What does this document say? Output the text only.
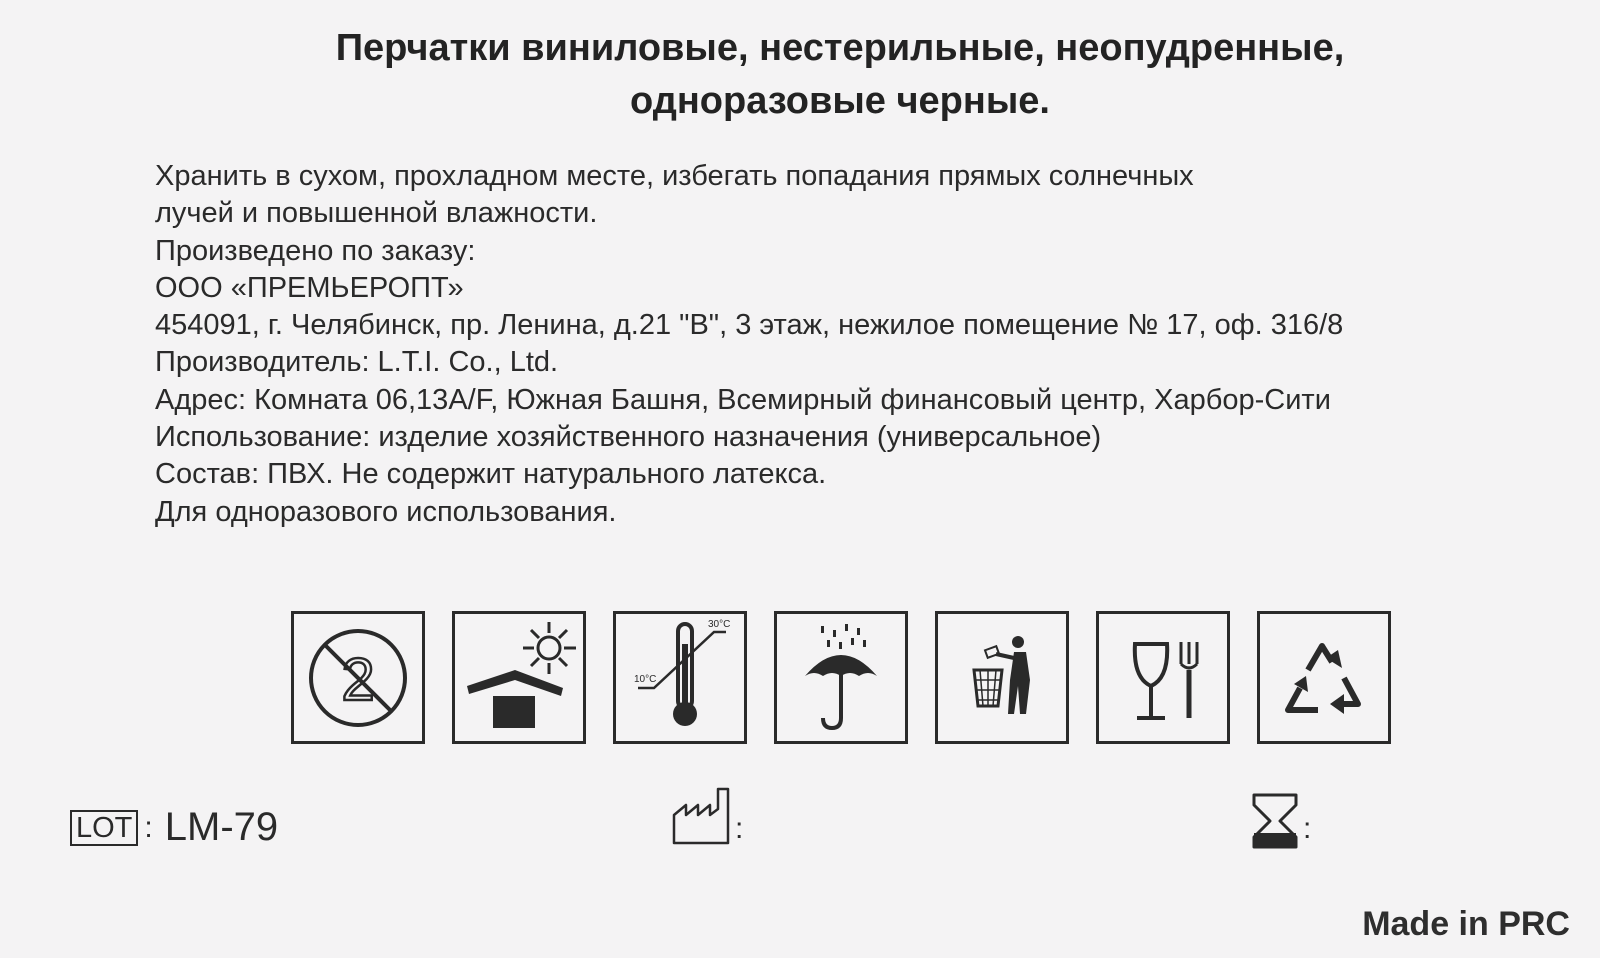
Перчатки виниловые, нестерильные, неопудренные,
одноразовые черные.
Хранить в сухом, прохладном месте, избегать попадания прямых солнечных
лучей и повышенной влажности.
Произведено по заказу:
ООО «ПРЕМЬЕРОПТ»
454091, г. Челябинск, пр. Ленина, д.21 "В", 3 этаж, нежилое помещение № 17, оф. 316/8
Производитель: L.T.I. Co., Ltd.
Адрес: Комната 06,13A/F, Южная Башня, Всемирный финансовый центр, Харбор-Сити
Использование: изделие хозяйственного назначения (универсальное)
Состав: ПВХ. Не содержит натурального латекса.
Для одноразового использования.
2
30°C
10°C
LOT : LM-79	:	:
Made in PRC
